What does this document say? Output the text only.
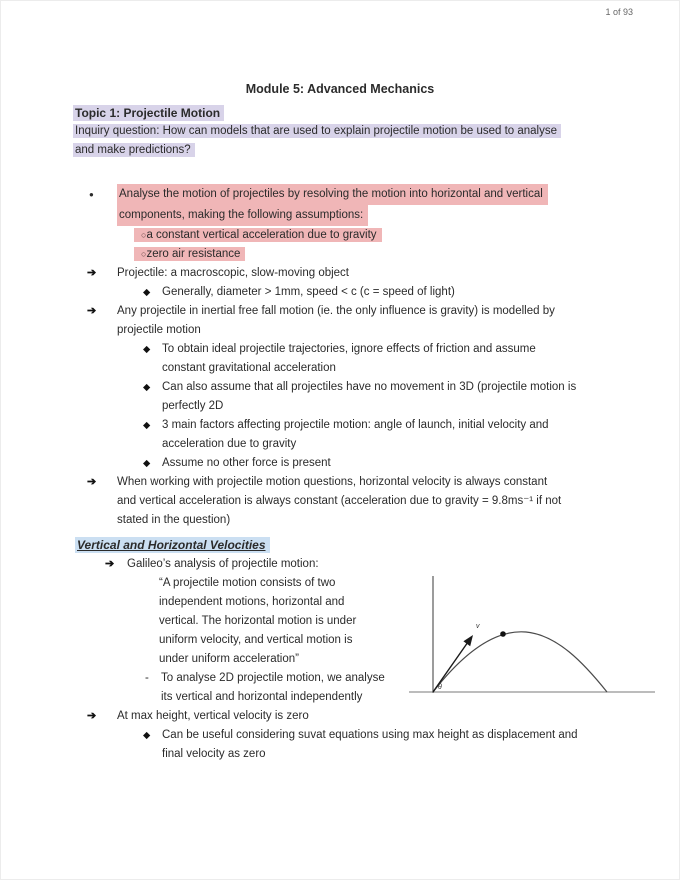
1 of 93
Module 5: Advanced Mechanics
Topic 1: Projectile Motion
Inquiry question: How can models that are used to explain projectile motion be used to analyse
and make predictions?
●	Analyse the motion of projectiles by resolving the motion into horizontal and vertical
components, making the following assumptions:
○a constant vertical acceleration due to gravity
○zero air resistance
➔	Projectile: a macroscopic, slow-moving object
◆	Generally, diameter > 1mm, speed < c (c = speed of light)
➔	Any projectile in inertial free fall motion (ie. the only influence is gravity) is modelled by
projectile motion
◆	To obtain ideal projectile trajectories, ignore effects of friction and assume
constant gravitational acceleration
◆	Can also assume that all projectiles have no movement in 3D (projectile motion is
perfectly 2D
◆	3 main factors affecting projectile motion: angle of launch, initial velocity and
acceleration due to gravity
◆	Assume no other force is present
➔	When working with projectile motion questions, horizontal velocity is always constant
and vertical acceleration is always constant (acceleration due to gravity = 9.8ms⁻¹ if not
stated in the question)
Vertical and Horizontal Velocities
➔	Galileo’s analysis of projectile motion:
“A projectile motion consists of two
independent motions, horizontal and
vertical. The horizontal motion is under
uniform velocity, and vertical motion is
under uniform acceleration”
-	To analyse 2D projectile motion, we analyse
its vertical and horizontal independently
➔	At max height, vertical velocity is zero
◆	Can be useful considering suvat equations using max height as displacement and
final velocity as zero
v
θ
